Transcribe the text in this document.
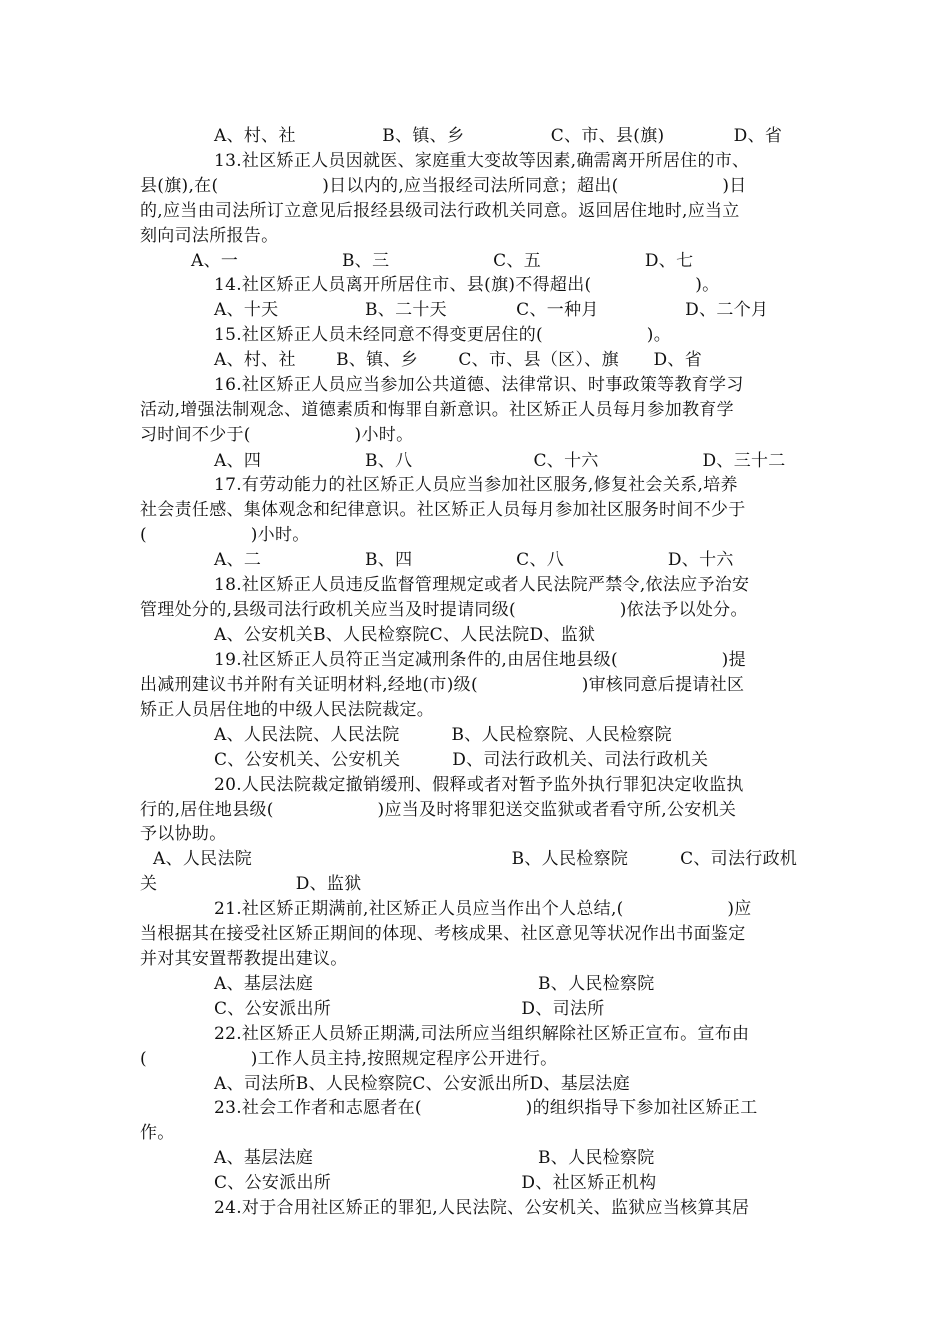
A、村、社　　　　　B、镇、乡　　　　　C、市、县(旗)　　　　D、省
13.社区矫正人员因就医、家庭重大变故等因素,确需离开所居住的市、
县(旗),在(　　　　　　)日以内的,应当报经司法所同意；超出(　　　　　　)日
的,应当由司法所订立意见后报经县级司法行政机关同意。返回居住地时,应当立
刻向司法所报告。
A、一　　　　　　B、三　　　　　　C、五　　　　　　D、七
14.社区矫正人员离开所居住市、县(旗)不得超出(　　　　　　)。
A、十天　　　　　B、二十天　　　　C、一种月　　　　　D、二个月
15.社区矫正人员未经同意不得变更居住的(　　　　　　)。
A、村、社　　 B、镇、乡　　 C、市、县（区）、旗　　D、省
16.社区矫正人员应当参加公共道德、法律常识、时事政策等教育学习
活动,增强法制观念、道德素质和悔罪自新意识。社区矫正人员每月参加教育学
习时间不少于(　　　　　　)小时。
A、四　　　　　　B、八　　　　　　　C、十六　　　　　　D、三十二
17.有劳动能力的社区矫正人员应当参加社区服务,修复社会关系,培养
社会责任感、集体观念和纪律意识。社区矫正人员每月参加社区服务时间不少于
(　　　　　　)小时。
A、二　　　　　　B、四　　　　　　C、八　　　　　　D、十六
18.社区矫正人员违反监督管理规定或者人民法院严禁令,依法应予治安
管理处分的,县级司法行政机关应当及时提请同级(　　　　　　)依法予以处分。
A、公安机关B、人民检察院C、人民法院D、监狱
19.社区矫正人员符正当定减刑条件的,由居住地县级(　　　　　　)提
出减刑建议书并附有关证明材料,经地(市)级(　　　　　　)审核同意后提请社区
矫正人员居住地的中级人民法院裁定。
A、人民法院、人民法院　　　B、人民检察院、人民检察院
C、公安机关、公安机关　　　D、司法行政机关、司法行政机关
20.人民法院裁定撤销缓刑、假释或者对暂予监外执行罪犯决定收监执
行的,居住地县级(　　　　　　)应当及时将罪犯送交监狱或者看守所,公安机关
予以协助。
A、人民法院　　　　　　　　　　　　　　　B、人民检察院　　　C、司法行政机
关　　　　　　　　D、监狱
21.社区矫正期满前,社区矫正人员应当作出个人总结,(　　　　　　)应
当根据其在接受社区矫正期间的体现、考核成果、社区意见等状况作出书面鉴定
并对其安置帮教提出建议。
A、基层法庭　　　　　　　　　　　　　B、人民检察院
C、公安派出所　　　　　　　　　　　D、司法所
22.社区矫正人员矫正期满,司法所应当组织解除社区矫正宣布。宣布由
(　　　　　　)工作人员主持,按照规定程序公开进行。
A、司法所B、人民检察院C、公安派出所D、基层法庭
23.社会工作者和志愿者在(　　　　　　)的组织指导下参加社区矫正工
作。
A、基层法庭　　　　　　　　　　　　　B、人民检察院
C、公安派出所　　　　　　　　　　　D、社区矫正机构
24.对于合用社区矫正的罪犯,人民法院、公安机关、监狱应当核算其居
